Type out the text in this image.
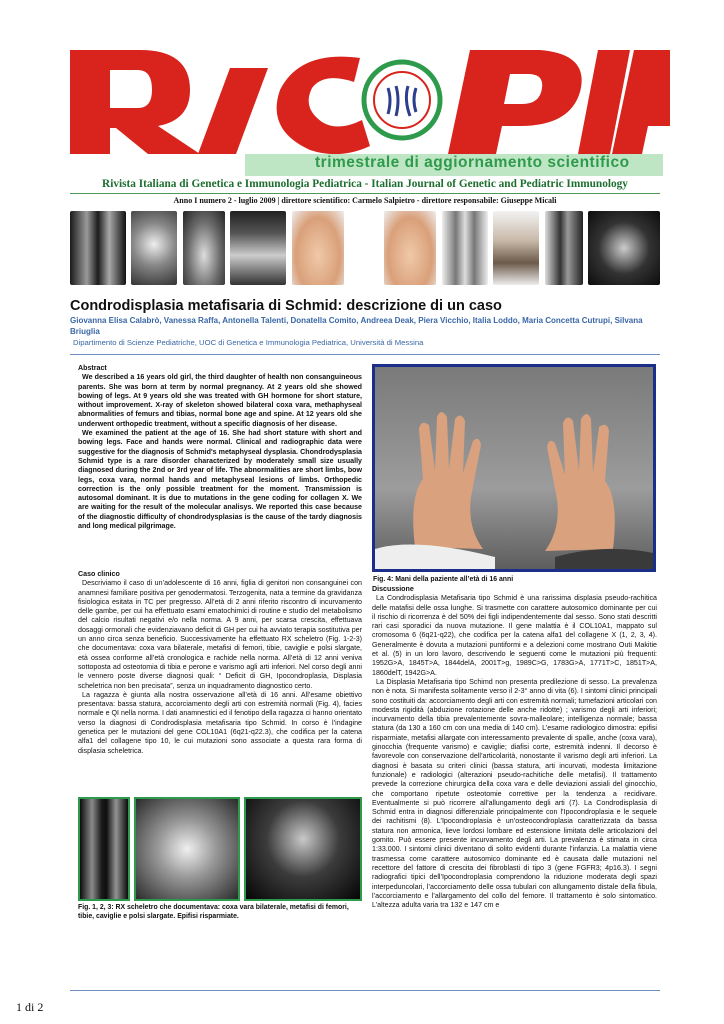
trimestrale di aggiornamento scientifico
Rivista Italiana di Genetica e Immunologia Pediatrica - Italian Journal of Genetic and Pediatric Immunology
Anno I numero 2 - luglio 2009 | direttore scientifico: Carmelo Salpietro - direttore responsabile: Giuseppe Micali
Condrodisplasia metafisaria di Schmid: descrizione di un caso
Giovanna Elisa Calabrò, Vanessa Raffa, Antonella Talenti, Donatella Comito, Andreea Deak, Piera Vicchio, Italia Loddo, Maria Concetta Cutrupi, Silvana Briuglia
Dipartimento di Scienze Pediatriche, UOC di Genetica e Immunologia Pediatrica, Università di Messina

Abstract

We described a 16 years old girl, the third daughter of health non consanguineous parents. She was born at term by normal pregnancy. At 2 years old she showed bowing of legs. At 9 years old she was treated with GH hormone for short stature, without improvement. X-ray of skeleton showed bilateral coxa vara, methaphyseal abnormalities of femurs and tibias, normal bone age and spine. At 12 years old she underwent orthopedic treatment, without a specific diagnosis of her disease.

We examined the patient at the age of 16. She had short stature with short and bowing legs. Face and hands were normal. Clinical and radiographic data were suggestive for the diagnosis of Schmid's metaphyseal dysplasia. Chondrodysplasia Schmid type is a rare disorder characterized by moderately small size usually diagnosed during the 2nd or 3rd year of life. The abnormalities are short limbs, bow legs, coxa vara, normal hands and metaphyseal lesions of limbs. Orthopedic correction is the only possible treatment for the moment. Transmission is autosomal dominant. It is due to mutations in the gene coding for collagen X. We are waiting for the result of the molecular analisys. We reported this case because of the diagnostic difficulty of chondrodysplasias is the cause of the tardy diagnosis and long medical pilgrimage.

Caso clinico

Descriviamo il caso di un’adolescente di 16 anni, figlia di genitori non consanguinei con anamnesi familiare positiva per genodermatosi. Terzogenita, nata a termine da gravidanza fisiologica esitata in TC per pregresso. All’età di 2 anni riferito riscontro di incurvamento delle gambe, per cui ha effettuato esami ematochimici di routine e studio del metabolismo del calcio risultati negativi e/o nella norma. A 9 anni, per scarsa crescita, effettuava dosaggi ormonali che evidenziavano deficit di GH per cui ha avviato terapia sostitutiva per un anno circa senza beneficio. Successivamente ha effettuato RX scheletro (Fig. 1-2-3) che documentava: coxa vara bilaterale, metafisi di femori, tibie, caviglie e polsi slargate, età ossea conforme all’età cronologica e rachide nella norma. All’età di 12 anni veniva sottoposta ad osteotomia di tibia e perone e varismo agli arti inferiori. Nel corso degli anni le vennero poste diverse diagnosi quali: “ Deficit di GH, Ipocondroplasia, Displasia scheletrica non ben precisata”, senza un inquadramento diagnostico certo.

La ragazza è giunta alla nostra osservazione all’età di 16 anni. All’esame obiettivo presentava: bassa statura, accorciamento degli arti con estremità normali (Fig. 4), facies normale e QI nella norma. I dati anamnestici ed il fenotipo della ragazza ci hanno orientato verso la diagnosi di Condrodisplasia metafisaria tipo Schmid. In corso è l’indagine genetica per le mutazioni del gene COL10A1 (6q21-q22.3), che codifica per la catena alfa1 del collagene tipo 10, le cui mutazioni sono associate a questa rara forma di displasia scheletrica.

Fig. 4: Mani della paziente all’età di 16 anni

Discussione

La Condrodisplasia Metafisaria tipo Schmid è una rarissima displasia pseudo-rachitica delle matafisi delle ossa lunghe. Si trasmette con carattere autosomico dominante per cui il rischio di ricorrenza è del 50% dei figli indipendentemente dal sesso. Sono stati descritti rari casi sporadici da nuova mutazione. Il gene malattia è il COL10A1, mappato sul cromosoma 6 (6q21-q22), che codifica per la catena alfa1 del collagene X (1, 2, 3, 4). Generalmente è dovuta a mutazioni puntiformi e a delezioni come mostrano Outi Makitie et al. (5) in un loro lavoro, descrivendo le seguenti come le mutazioni più frequenti: 1952G>A, 1845T>A, 1844delA, 2001T>g, 1989C>G, 1783G>A, 1771T>C, 1851T>A, 1860delT, 1942G>A.

La Displasia Metafisaria tipo Schimd non presenta predilezione di sesso. La prevalenza non è nota. Si manifesta solitamente verso il 2-3° anno di vita (6). I sintomi clinici principali sono costituiti da: accorciamento degli arti con estremità normali; tumefazioni articolari con modesta rigidità (abduzione rotazione delle anche ridotte) ; varismo degli arti inferiori; incurvamento della tibia prevalentemente sovra-malleolare; intelligenza normale; bassa statura (da 130 a 160 cm con una media di 140 cm). L’esame radiologico dimostra: epifisi risparmiate, metafisi allargate con interessamento prevalente di spalle, anche (coxa vara), ginocchia (frequente varismo) e caviglie; diafisi corte, estremità indenni. Il decorso è favorevole con conservazione dell’articolarità, nonostante il varismo degli arti inferiori. La diagnosi è basata su criteri clinici (bassa statura, arti incurvati, modesta limitazione funzionale) e radiologici (alterazioni pseudo-rachitiche delle metafisi). Il trattamento prevede la correzione chirurgica della coxa vara e delle deviazioni assiali del ginocchio, che comportano ripetute osteotomie correttive per la tendenza a recidivare. Eventualmente si può ricorrere all’allungamento degli arti (7). La Condrodisplasia di Schmid entra in diagnosi differenziale principalmente con l’Ipocondroplasia e le sequele dei rachitismi (8). L’Ipocondroplasia è un’osteocondroplasia caratterizzata da bassa statura non armonica, lieve lordosi lombare ed estensione limitata delle articolazioni del gomito. Può essere presente incurvamento degli arti. La prevalenza è stimata in circa 1:33.000. I sintomi clinici diventano di solito evidenti durante l’infanzia. La malattia viene trasmessa come carattere autosomico dominante ed è causata dalle mutazioni nel recettore del fattore di crescita dei fibroblasti di tipo 3 (gene FGFR3; 4p16.3). I segni radiografici tipici dell’Ipocondroplasia comprendono la riduzione moderata degli spazi interpeduncolari, l’accorciamento delle ossa tubulari con allungamento distale della fibula, l’accorciamento e l’allargamento del collo del femore. Il trattamento è solo sintomatico. L’altezza adulta varia tra 132 e 147 cm e

Fig. 1, 2, 3: RX scheletro che documentava: coxa vara bilaterale, metafisi di femori, tibie, caviglie e polsi slargate. Epifisi risparmiate.
1 di 2
